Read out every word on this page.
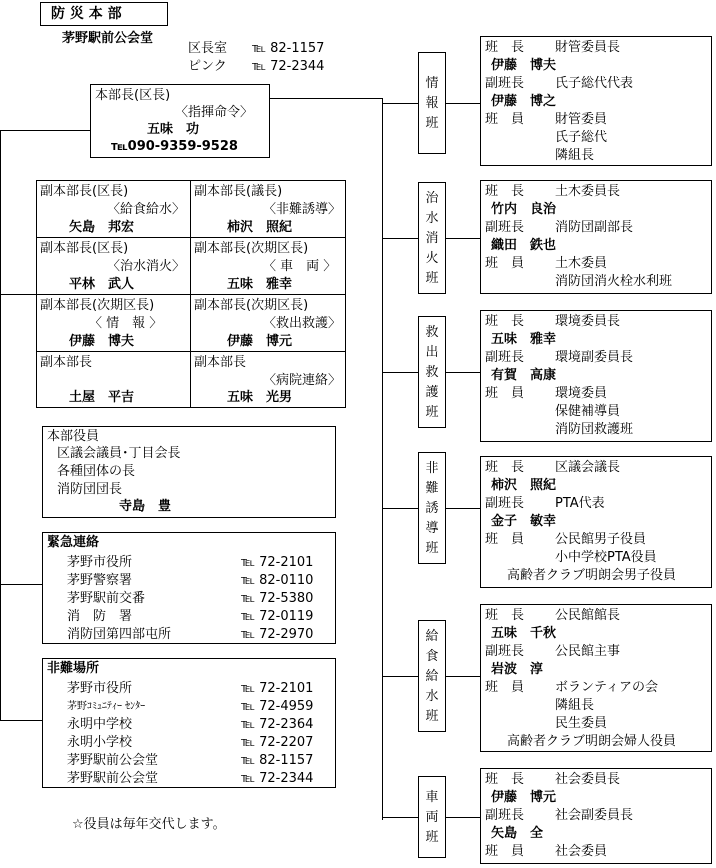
防 災 本 部
茅野駅前公会堂
区長室 ℡ 82-1157
ピンク ℡ 72-2344
本部長(区長)
〈指揮命令〉
五味　功
℡090-9359-9528
副本部長(区長)
〈給食給水〉
矢島　邦宏
副本部長(議長)
〈非難誘導〉
柿沢　照紀
副本部長(区長)
〈治水消火〉
平林　武人
副本部長(次期区長)
〈 車　両 〉
五味　雅幸
副本部長(次期区長)
〈 情　報 〉
伊藤　博夫
副本部長(次期区長)
〈救出救護〉
伊藤　博元
副本部長
土屋　平吉
副本部長
〈病院連絡〉
五味　光男
本部役員
区議会議員･丁目会長
各種団体の長
消防団団長
寺島　豊
緊急連絡
茅野市役所	℡ 72-2101
茅野警察署	℡ 82-0110
茅野駅前交番	℡ 72-5380
消　防　署	℡ 72-0119
消防団第四部屯所	℡ 72-2970
非難場所
茅野市役所	℡ 72-2101
茅野ｺﾐｭﾆﾃｨｰ ｾﾝﾀｰ	℡ 72-4959
永明中学校	℡ 72-2364
永明小学校	℡ 72-2207
茅野駅前公会堂	℡ 82-1157
茅野駅前公会堂	℡ 72-2344
☆役員は毎年交代します。
情
報
班
班　長 財管委員長
伊藤　博夫
副班長 氏子総代代表
伊藤　博之
班　員 財管委員
氏子総代
隣組長
治
水
消
火
班
班　長 土木委員長
竹内　良治
副班長 消防団副部長
織田　鉄也
班　員 土木委員
消防団消火栓水利班
救
出
救
護
班
班　長 環境委員長
五味　雅幸
副班長 環境副委員長
有賀　高康
班　員 環境委員
保健補導員
消防団救護班
非
難
誘
導
班
班　長 区議会議長
柿沢　照紀
副班長 PTA代表
金子　敏幸
班　員 公民館男子役員
小中学校PTA役員
高齢者クラブ明朗会男子役員
給
食
給
水
班
班　長 公民館館長
五味　千秋
副班長 公民館主事
岩波　淳
班　員 ボランティアの会
隣組長
民生委員
高齢者クラブ明朗会婦人役員
車
両
班
班　長 社会委員長
伊藤　博元
副班長 社会副委員長
矢島　全
班　員 社会委員
